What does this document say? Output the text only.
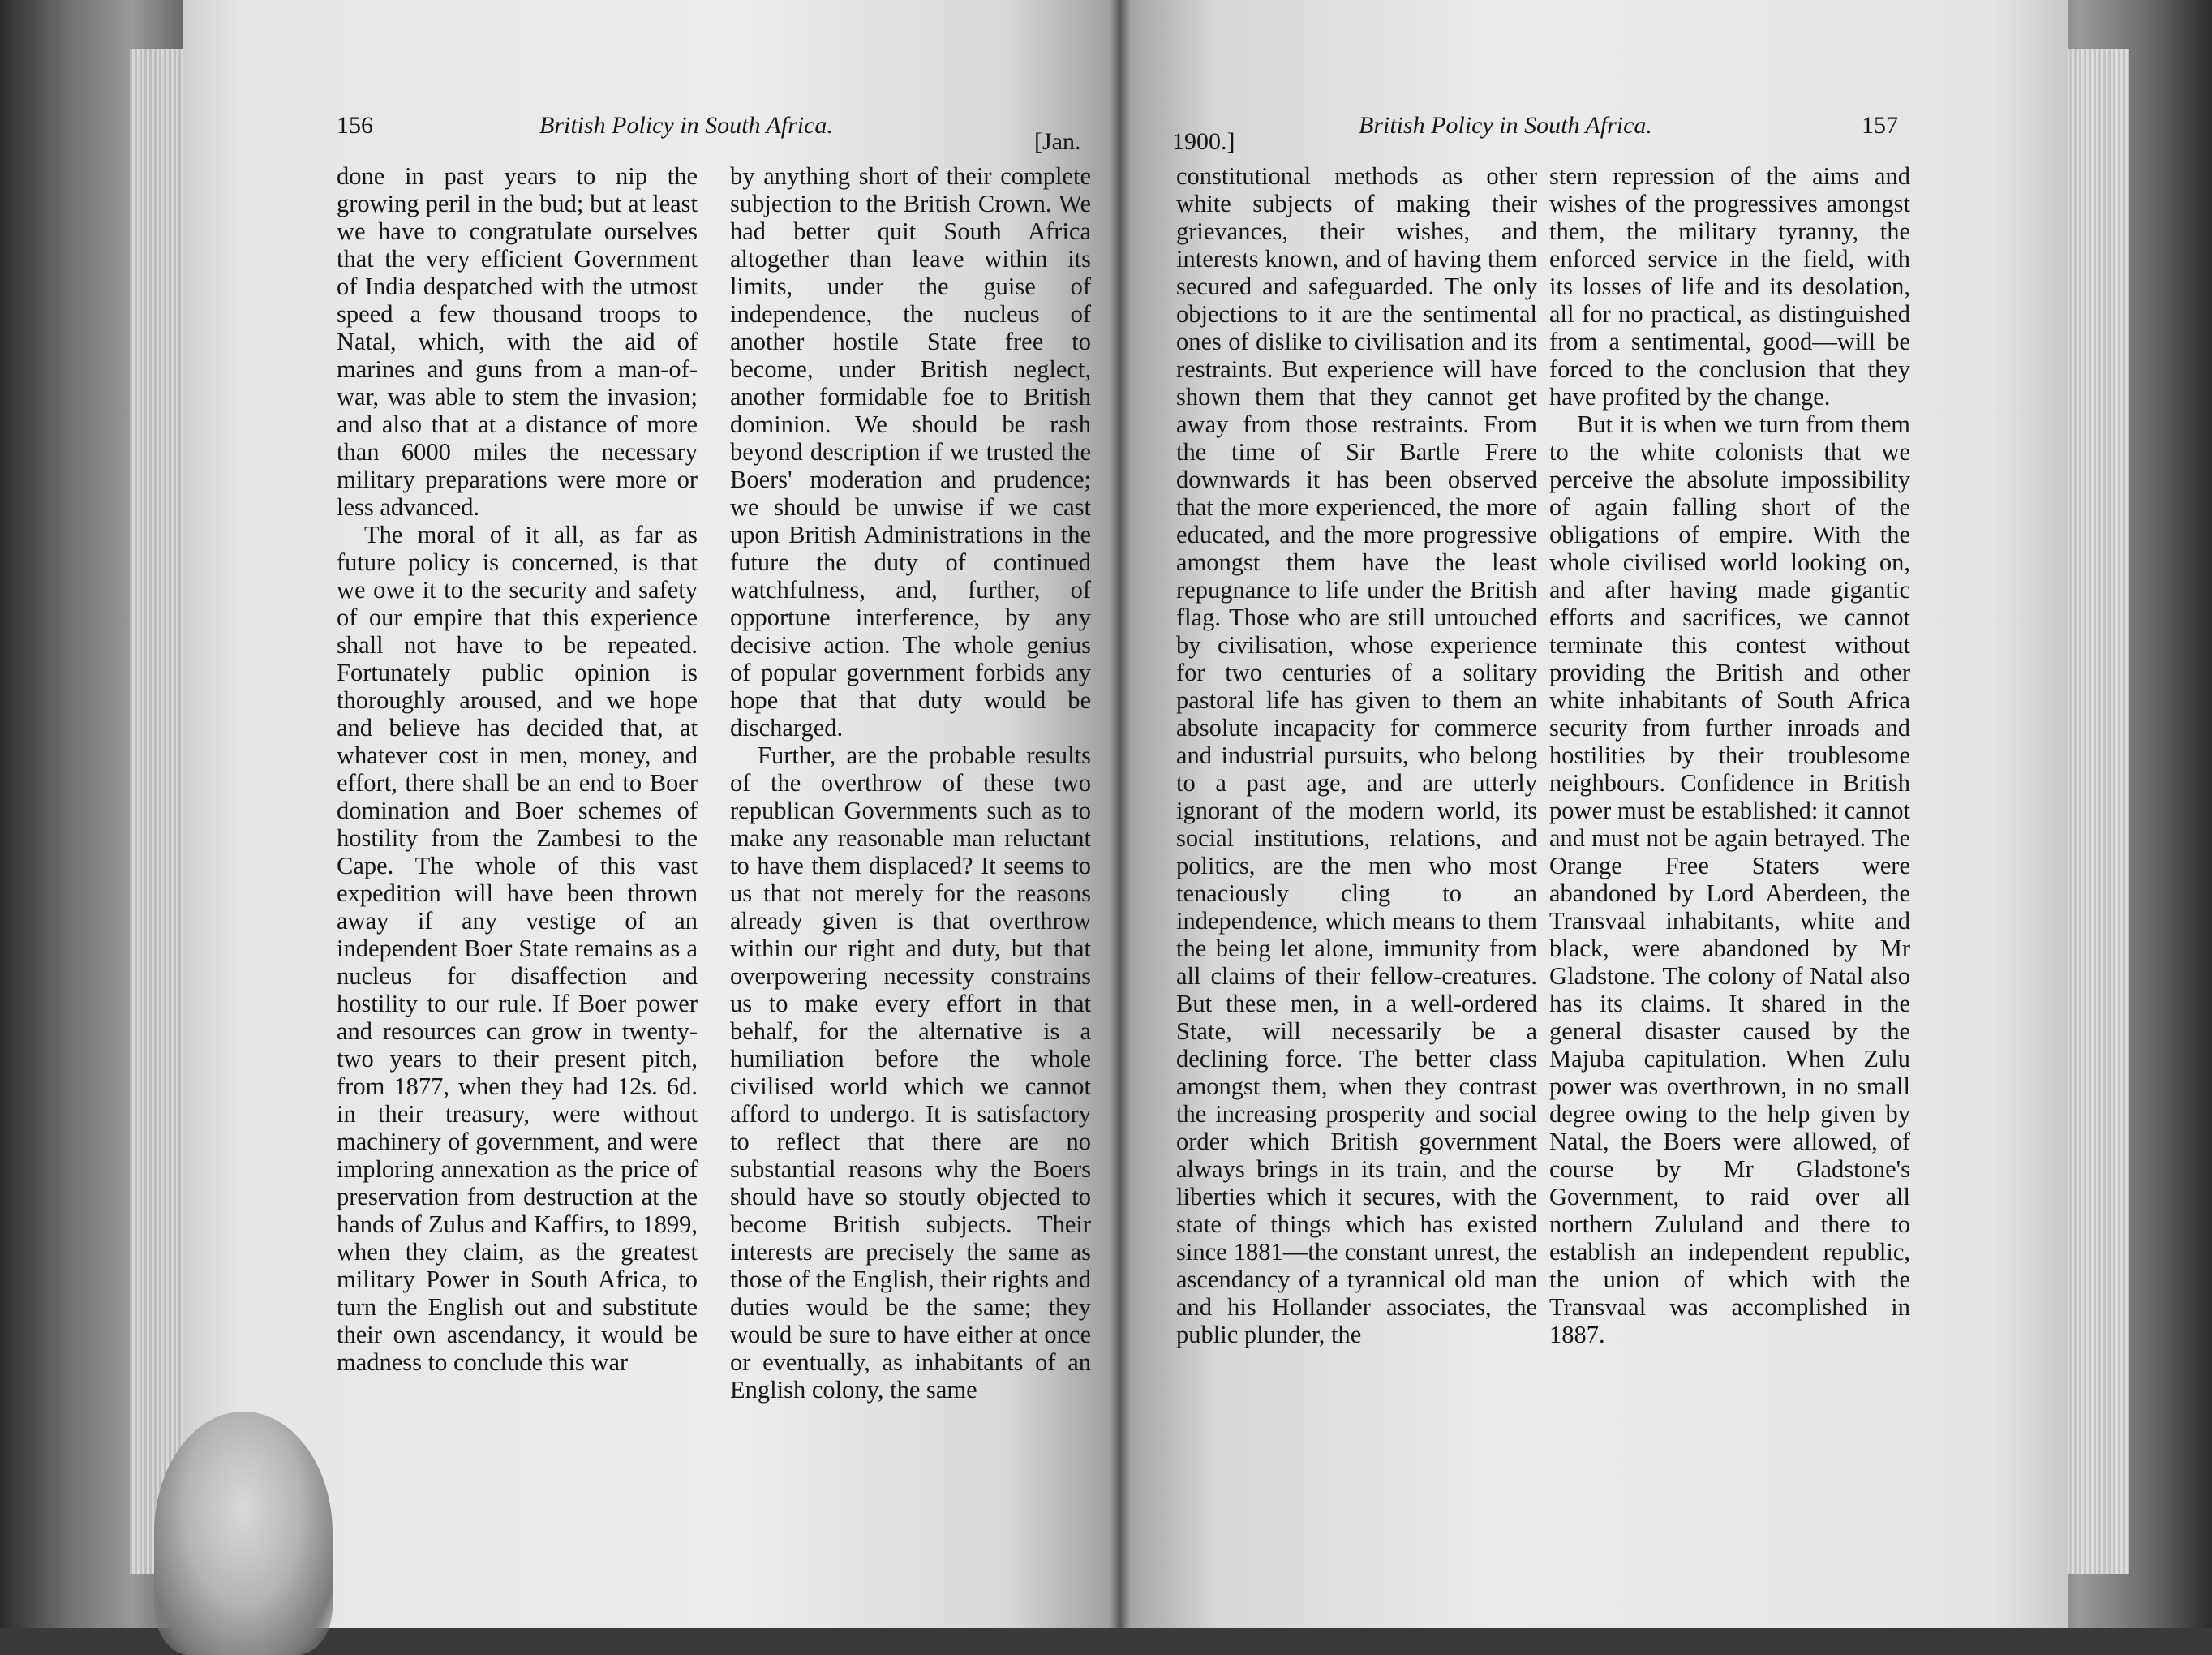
156	British Policy in South Africa.
[Jan.

done in past years to nip the growing peril in the bud; but at least we have to congratulate ourselves that the very efficient Government of India despatched with the utmost speed a few thousand troops to Natal, which, with the aid of marines and guns from a man-of-war, was able to stem the invasion; and also that at a distance of more than 6000 miles the necessary military preparations were more or less advanced.

The moral of it all, as far as future policy is concerned, is that we owe it to the security and safety of our empire that this experience shall not have to be repeated. Fortunately public opinion is thoroughly aroused, and we hope and believe has decided that, at whatever cost in men, money, and effort, there shall be an end to Boer domination and Boer schemes of hostility from the Zambesi to the Cape. The whole of this vast expedition will have been thrown away if any vestige of an independent Boer State remains as a nucleus for disaffection and hostility to our rule. If Boer power and resources can grow in twenty-two years to their present pitch, from 1877, when they had 12s. 6d. in their treasury, were without machinery of government, and were imploring annexation as the price of preservation from destruction at the hands of Zulus and Kaffirs, to 1899, when they claim, as the greatest military Power in South Africa, to turn the English out and substitute their own ascendancy, it would be madness to conclude this war

by anything short of their complete subjection to the British Crown. We had better quit South Africa altogether than leave within its limits, under the guise of independence, the nucleus of another hostile State free to become, under British neglect, another formidable foe to British dominion. We should be rash beyond description if we trusted the Boers' moderation and prudence; we should be unwise if we cast upon British Administrations in the future the duty of continued watchfulness, and, further, of opportune interference, by any decisive action. The whole genius of popular government forbids any hope that that duty would be discharged.

Further, are the probable results of the overthrow of these two republican Governments such as to make any reasonable man reluctant to have them displaced? It seems to us that not merely for the reasons already given is that overthrow within our right and duty, but that overpowering necessity constrains us to make every effort in that behalf, for the alternative is a humiliation before the whole civilised world which we cannot afford to undergo. It is satisfactory to reflect that there are no substantial reasons why the Boers should have so stoutly objected to become British subjects. Their interests are precisely the same as those of the English, their rights and duties would be the same; they would be sure to have either at once or eventually, as inhabitants of an English colony, the same

1900.]
British Policy in South Africa.	157

constitutional methods as other white subjects of making their grievances, their wishes, and interests known, and of having them secured and safeguarded. The only objections to it are the sentimental ones of dislike to civilisation and its restraints. But experience will have shown them that they cannot get away from those restraints. From the time of Sir Bartle Frere downwards it has been observed that the more experienced, the more educated, and the more progressive amongst them have the least repugnance to life under the British flag. Those who are still untouched by civilisation, whose experience for two centuries of a solitary pastoral life has given to them an absolute incapacity for commerce and industrial pursuits, who belong to a past age, and are utterly ignorant of the modern world, its social institutions, relations, and politics, are the men who most tenaciously cling to an independence, which means to them the being let alone, immunity from all claims of their fellow-creatures. But these men, in a well-ordered State, will necessarily be a declining force. The better class amongst them, when they contrast the increasing prosperity and social order which British government always brings in its train, and the liberties which it secures, with the state of things which has existed since 1881—the constant unrest, the ascendancy of a tyrannical old man and his Hollander associates, the public plunder, the

stern repression of the aims and wishes of the progressives amongst them, the military tyranny, the enforced service in the field, with its losses of life and its desolation, all for no practical, as distinguished from a sentimental, good—will be forced to the conclusion that they have profited by the change.

But it is when we turn from them to the white colonists that we perceive the absolute impossibility of again falling short of the obligations of empire. With the whole civilised world looking on, and after having made gigantic efforts and sacrifices, we cannot terminate this contest without providing the British and other white inhabitants of South Africa security from further inroads and hostilities by their troublesome neighbours. Confidence in British power must be established: it cannot and must not be again betrayed. The Orange Free Staters were abandoned by Lord Aberdeen, the Transvaal inhabitants, white and black, were abandoned by Mr Gladstone. The colony of Natal also has its claims. It shared in the general disaster caused by the Majuba capitulation. When Zulu power was overthrown, in no small degree owing to the help given by Natal, the Boers were allowed, of course by Mr Gladstone's Government, to raid over all northern Zululand and there to establish an independent republic, the union of which with the Transvaal was accomplished in 1887.
